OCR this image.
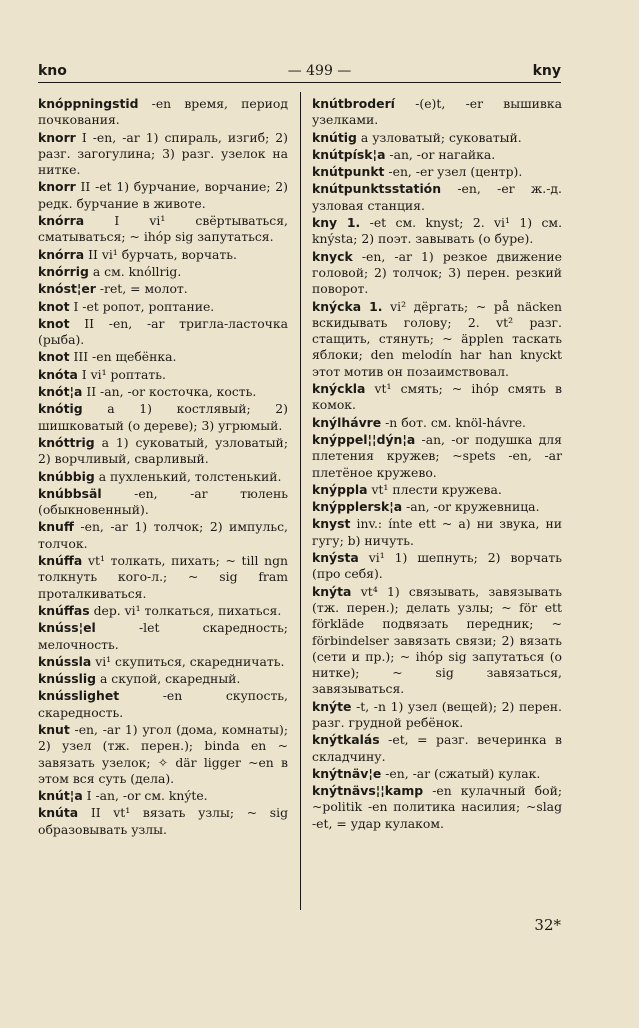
kno	— 499 —	kny
knóppningstid -en время, период почкования.
knorr I -en, -ar 1) спираль, изгиб; 2) разг. загогулина; 3) разг. узелок на нитке.
knorr II -et 1) бурчание, ворчание; 2) редк. бурчание в животе.
knórra I vi¹ свёртываться, сматываться; ~ ihóp sig запутаться.
knórra II vi¹ бурчать, ворчать.
knórrig a см. knóllrig.
knóst¦er -ret, = молот.
knot I -et ропот, роптание.
knot II -en, -ar тригла-ласточка (рыба).
knot III -en щебёнка.
knóta I vi¹ роптать.
knót¦a II -an, -or косточка, кость.
knótig a 1) костлявый; 2) шишковатый (о дереве); 3) угрюмый.
knóttrig a 1) суковатый, узловатый; 2) ворчливый, сварливый.
knúbbig a пухленький, толстенький.
knúbbsäl -en, -ar тюлень (обыкновенный).
knuff -en, -ar 1) толчок; 2) импульс, толчок.
knúffa vt¹ толкать, пихать; ~ till ngn толкнуть кого-л.; ~ sig fram проталкиваться.
knúffas dep. vi¹ толкаться, пихаться.
knúss¦el -let скаредность; мелочность.
knússla vi¹ скупиться, скаредничать.
knússlig a скупой, скаредный.
knússlighet -en скупость, скаредность.
knut -en, -ar 1) угол (дома, комнаты); 2) узел (тж. перен.); binda en ~ завязать узелок; ✧ där ligger ~en в этом вся суть (дела).
knút¦a I -an, -or см. knýte.
knúta II vt¹ вязать узлы; ~ sig образовывать узлы.
knútbroderí -(e)t, -er вышивка узелками.
knútig a узловатый; суковатый.
knútpísk¦a -an, -or нагайка.
knútpunkt -en, -er узел (центр).
knútpunktsstatión -en, -er ж.-д. узловая станция.
kny 1. -et см. knyst; 2. vi¹ 1) см. knýsta; 2) поэт. завывать (о буре).
knyck -en, -ar 1) резкое движение головой; 2) толчок; 3) перен. резкий поворот.
knýcka 1. vi² дёргать; ~ på näcken вскидывать голову; 2. vt² разг. стащить, стянуть; ~ äpplen таскать яблоки; den melodín har han knyckt этот мотив он позаимствовал.
knýckla vt¹ смять; ~ ihóp смять в комок.
knýlhávre -n бот. см. knöl-hávre.
knýppel¦¦dýn¦a -an, -or подушка для плетения кружев; ~spets -en, -ar плетёное кружево.
knýppla vt¹ плести кружева.
knýpplersk¦a -an, -or кружевница.
knyst inv.: ínte ett ~ a) ни звука, ни гугу; b) ничуть.
knýsta vi¹ 1) шепнуть; 2) ворчать (про себя).
knýta vt⁴ 1) связывать, завязывать (тж. перен.); делать узлы; ~ för ett förkläde подвязать передник; ~ förbindelser завязать связи; 2) вязать (сети и пр.); ~ ihóp sig запутаться (о нитке); ~ sig завязаться, завязываться.
knýte -t, -n 1) узел (вещей); 2) перен. разг. грудной ребёнок.
knýtkalás -et, = разг. вечеринка в складчину.
knýtnäv¦e -en, -ar (сжатый) кулак.
knýtnävs¦¦kamp -en кулачный бой; ~politik -en политика насилия; ~slag -et, = удар кулаком.
32*
